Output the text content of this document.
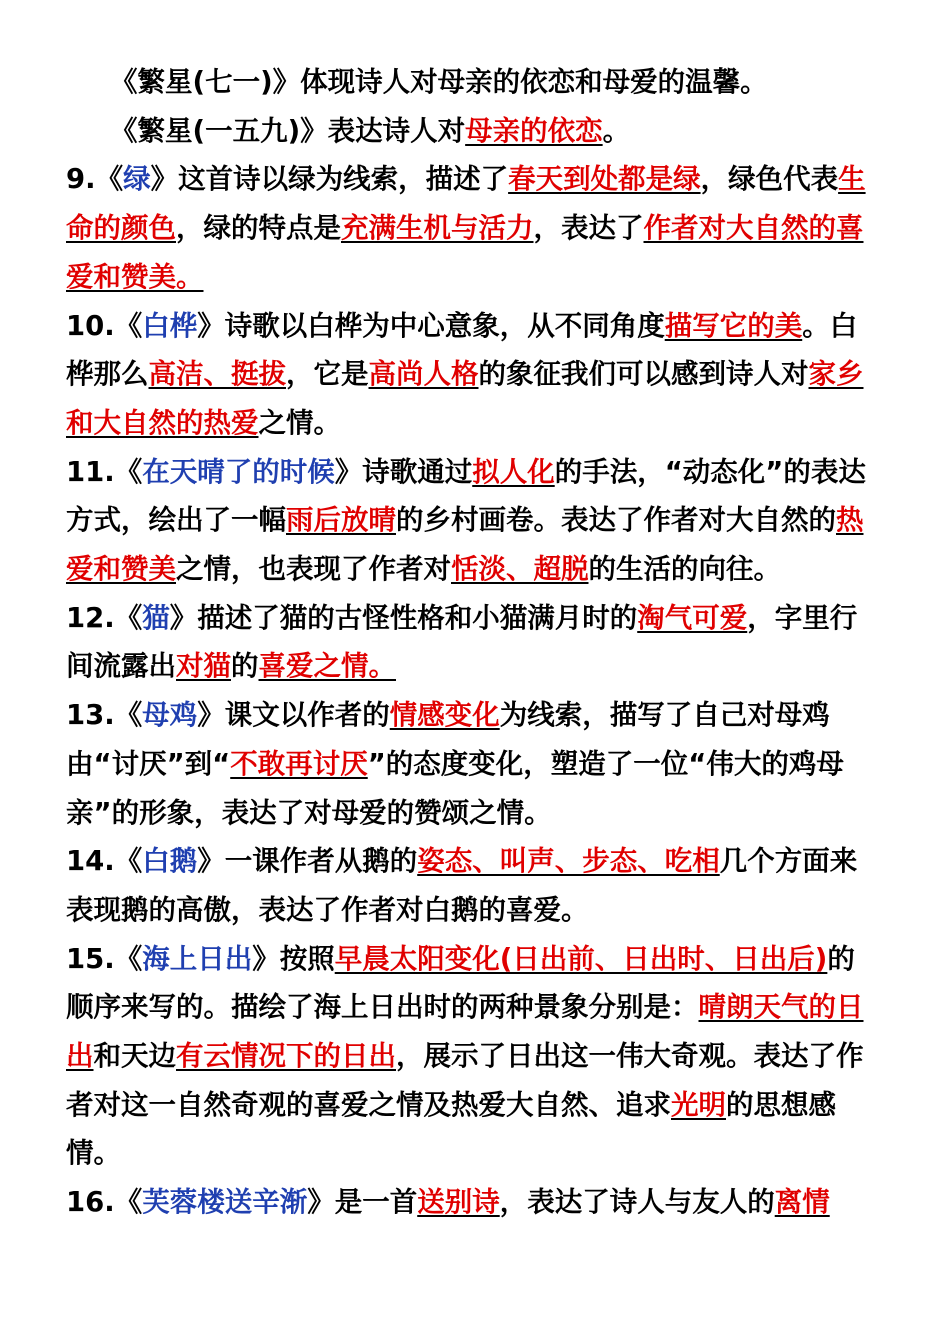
《繁星(七一)》体现诗人对母亲的依恋和母爱的温馨。

《繁星(一五九)》表达诗人对母亲的依恋。

9.《绿》这首诗以绿为线索，描述了春天到处都是绿，绿色代表生命的颜色，绿的特点是充满生机与活力，表达了作者对大自然的喜爱和赞美。

10.《白桦》诗歌以白桦为中心意象，从不同角度描写它的美。白桦那么高洁、挺拔，它是高尚人格的象征我们可以感到诗人对家乡和大自然的热爱之情。

11.《在天晴了的时候》诗歌通过拟人化的手法，“动态化”的表达方式，绘出了一幅雨后放晴的乡村画卷。表达了作者对大自然的热爱和赞美之情，也表现了作者对恬淡、超脱的生活的向往。

12.《猫》描述了猫的古怪性格和小猫满月时的淘气可爱，字里行间流露出对猫的喜爱之情。

13.《母鸡》课文以作者的情感变化为线索，描写了自己对母鸡由“讨厌”到“不敢再讨厌”的态度变化，塑造了一位“伟大的鸡母亲”的形象，表达了对母爱的赞颂之情。

14.《白鹅》一课作者从鹅的姿态、叫声、步态、吃相几个方面来表现鹅的高傲，表达了作者对白鹅的喜爱。

15.《海上日出》按照早晨太阳变化(日出前、日出时、日出后)的顺序来写的。描绘了海上日出时的两种景象分别是：晴朗天气的日出和天边有云情况下的日出，展示了日出这一伟大奇观。表达了作者对这一自然奇观的喜爱之情及热爱大自然、追求光明的思想感情。

16.《芙蓉楼送辛渐》是一首送别诗，表达了诗人与友人的离情
